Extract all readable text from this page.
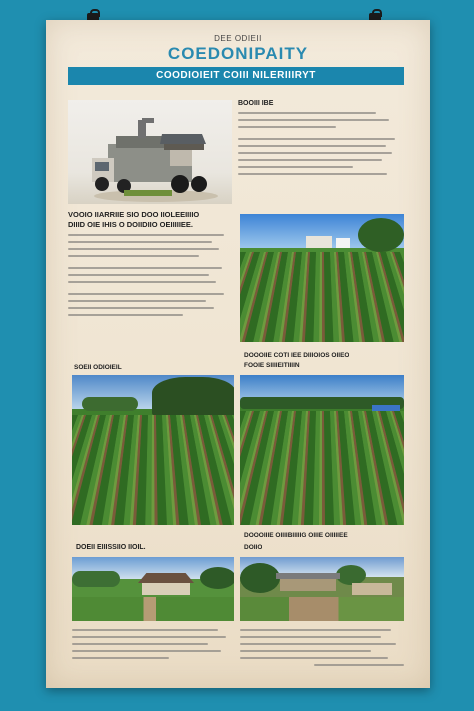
DEE ODIEII
COEDONIPAITY
COODIOIEIT COIII NILERIIIRYT
BOOIII IBE
VOOIO IIARRIIE SIO DOO IIOLEEIIIIO
DIIID OIE IHIS O DOIIDIIO OEIIIIIEE.
SOEII ODIOIEIL
DOOOIIE COTI IEE DIIIOIOS OIIEO
FOOIE SIIIIEITIIIIN
DOEII EIIISSIIO IIOIL.
DOOOIIIE OIIIIBIIIIIG OIIIE OIIIIIEE
DOIIO
